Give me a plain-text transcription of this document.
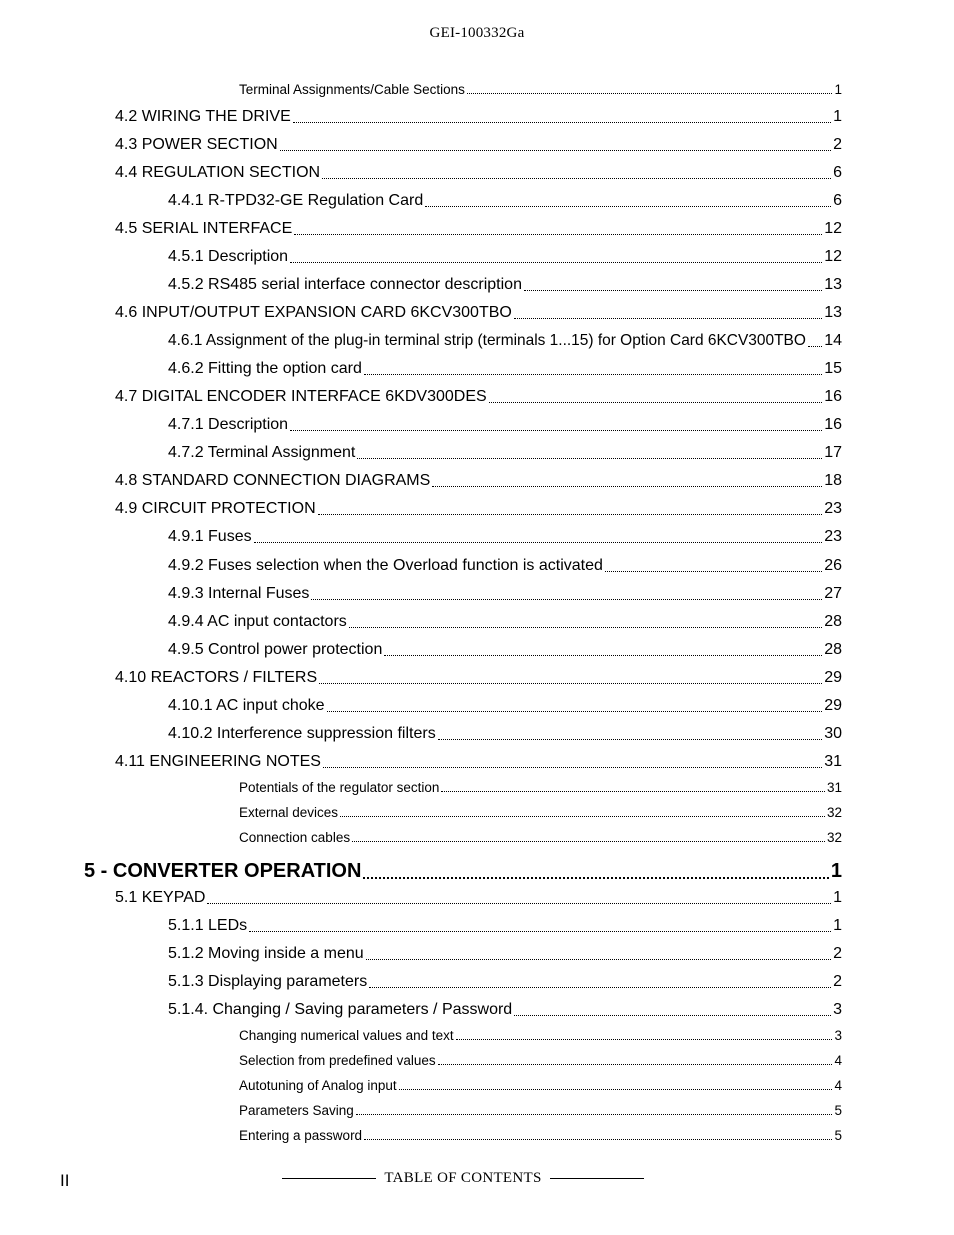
GEI-100332Ga
Terminal Assignments/Cable Sections	1
4.2 WIRING THE DRIVE	1
4.3 POWER SECTION	2
4.4 REGULATION SECTION	6
4.4.1 R-TPD32-GE Regulation Card	6
4.5 SERIAL INTERFACE	12
4.5.1 Description	12
4.5.2 RS485 serial interface connector description	13
4.6 INPUT/OUTPUT EXPANSION CARD 6KCV300TBO	13
4.6.1 Assignment of the plug-in terminal strip (terminals 1...15) for Option Card 6KCV300TBO 14
4.6.2 Fitting the option card	15
4.7 DIGITAL ENCODER INTERFACE 6KDV300DES	16
4.7.1 Description	16
4.7.2 Terminal Assignment	17
4.8 STANDARD CONNECTION DIAGRAMS	18
4.9 CIRCUIT PROTECTION	23
4.9.1 Fuses	23
4.9.2 Fuses selection when the Overload function is activated	26
4.9.3 Internal Fuses	27
4.9.4 AC input contactors	28
4.9.5 Control power protection	28
4.10 REACTORS / FILTERS	29
4.10.1 AC input choke	29
4.10.2 Interference suppression filters	30
4.11 ENGINEERING NOTES	31
Potentials of the regulator section	31
External devices	32
Connection cables	32
5 - CONVERTER OPERATION	1
5.1 KEYPAD	1
5.1.1 LEDs	1
5.1.2 Moving inside a menu	2
5.1.3 Displaying parameters	2
5.1.4. Changing / Saving parameters / Password	3
Changing numerical values and text	3
Selection from predefined values	4
Autotuning of Analog input	4
Parameters Saving	5
Entering a password	5
II	TABLE OF CONTENTS
